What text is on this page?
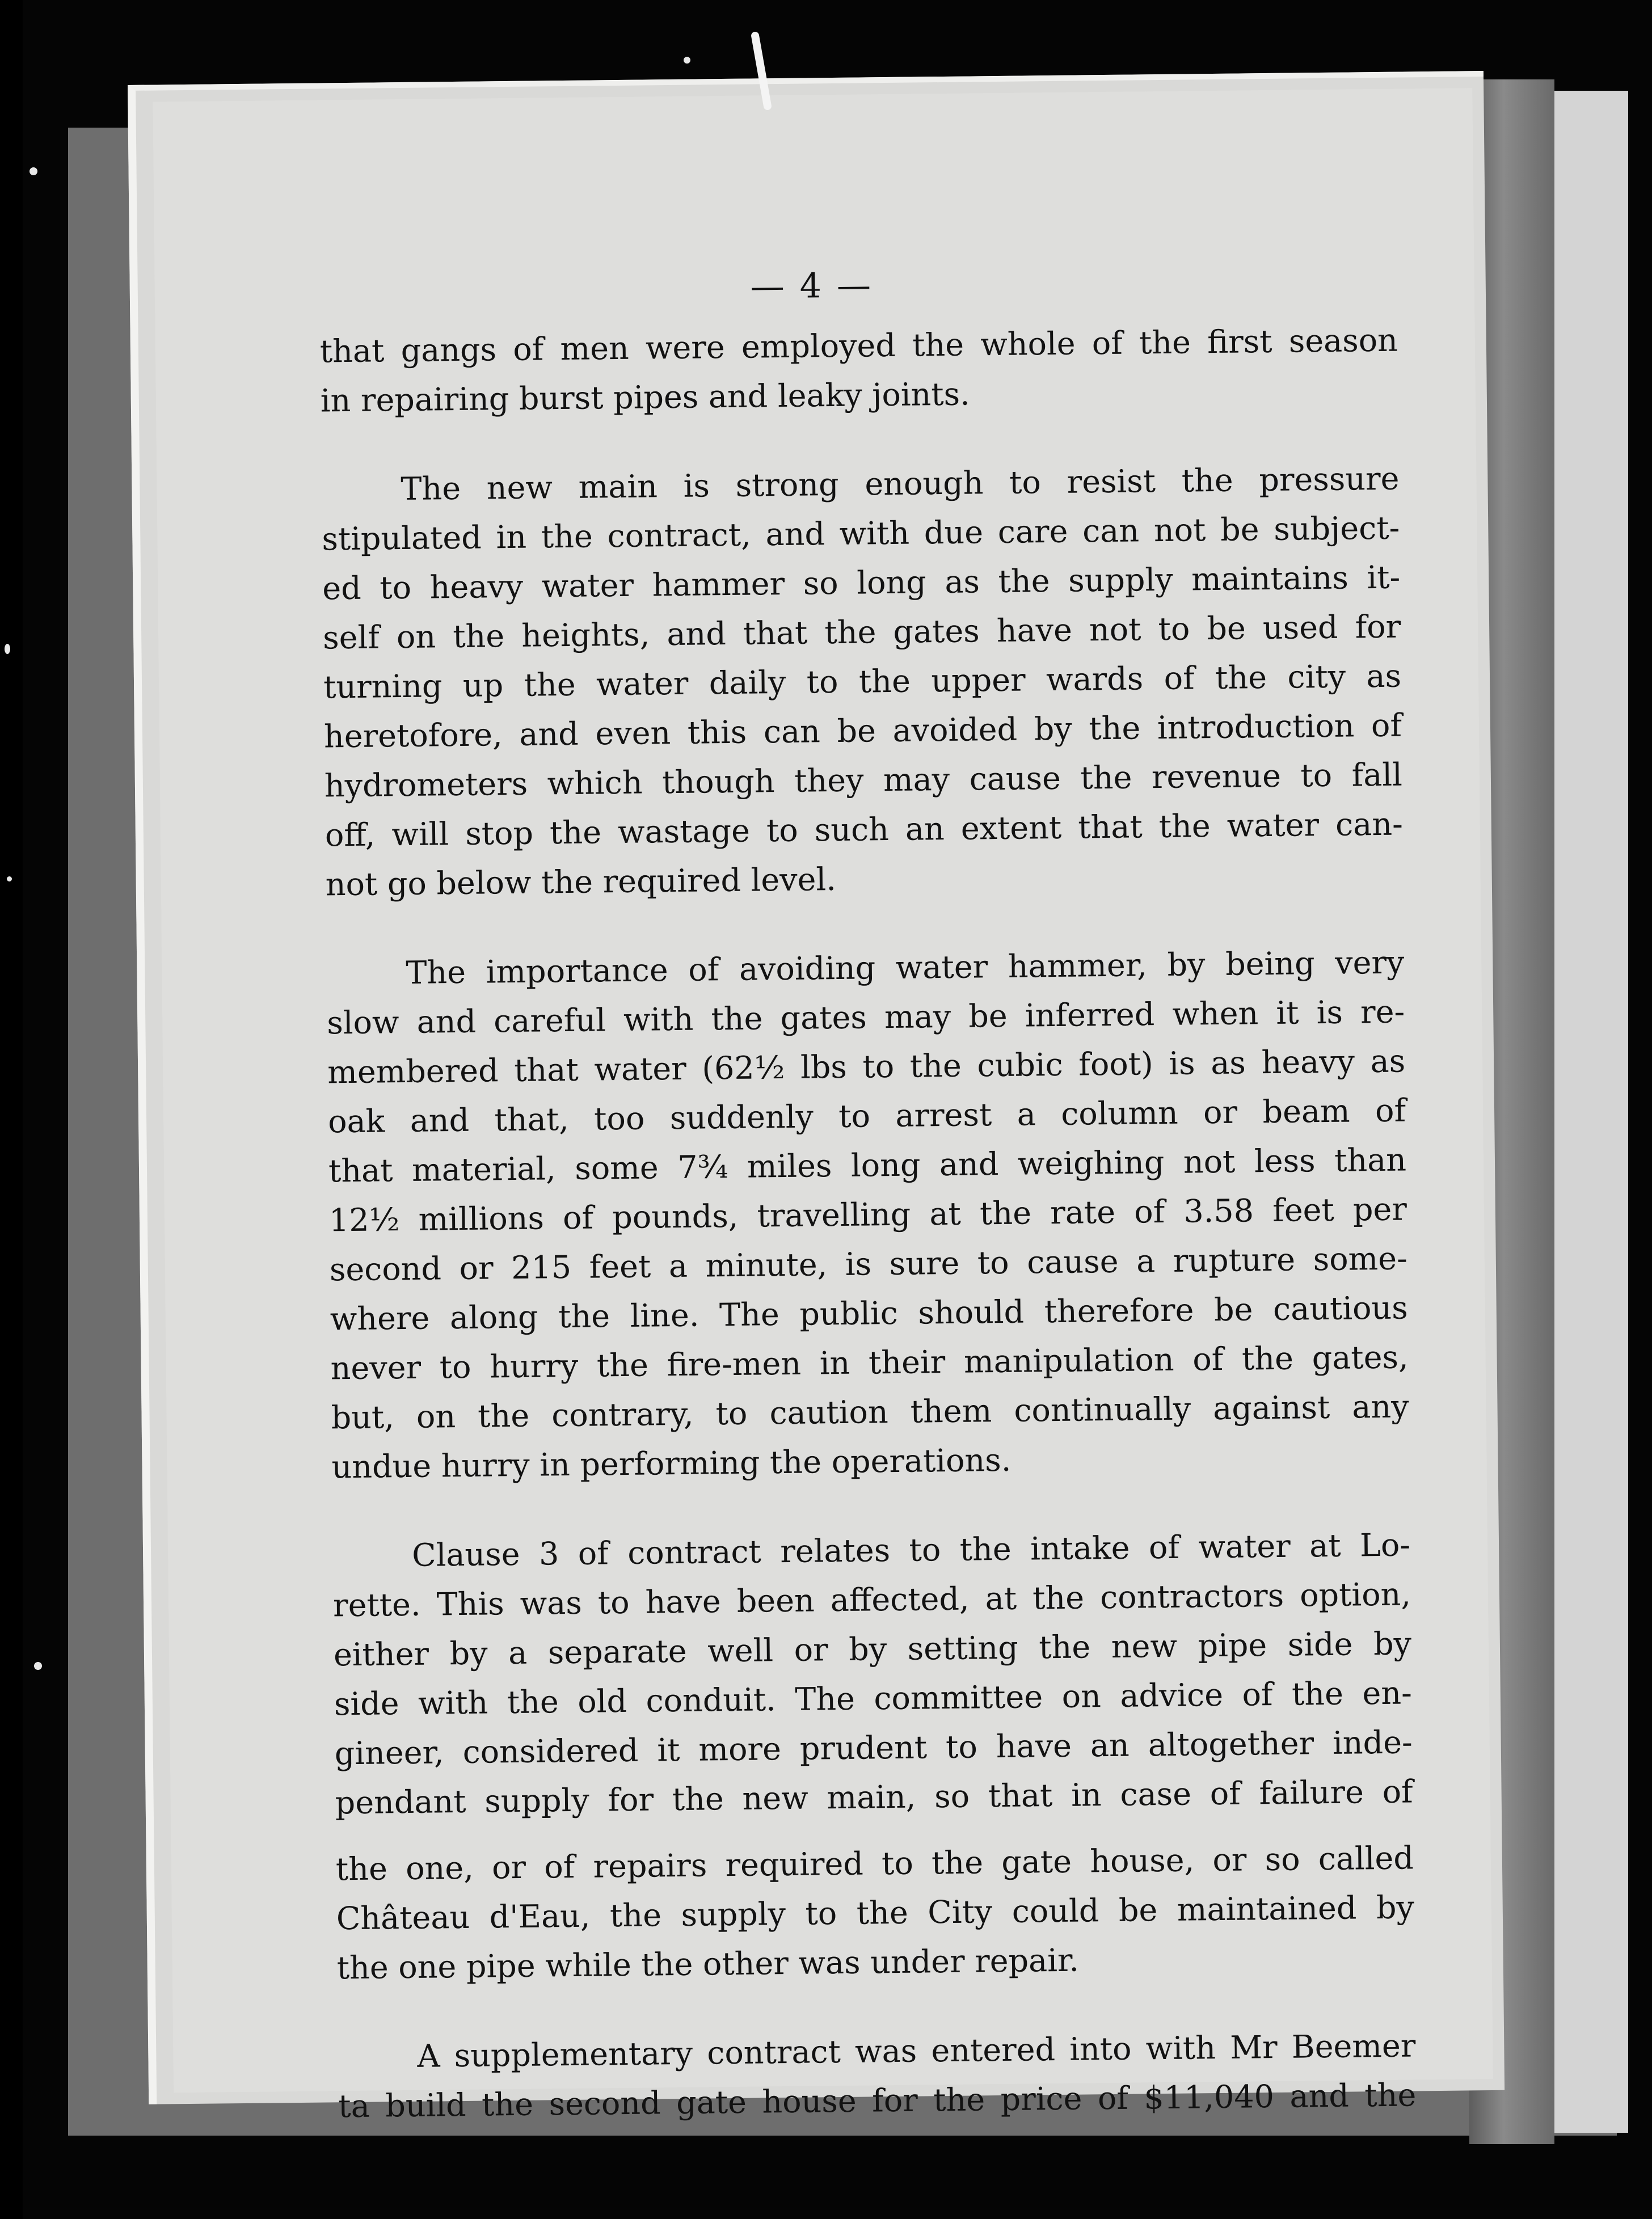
— 4 —
that gangs of men were employed the whole of the first season
in repairing burst pipes and leaky joints.
The new main is strong enough to resist the pressure
stipulated in the contract, and with due care can not be subject-
ed to heavy water hammer so long as the supply maintains it-
self on the heights, and that the gates have not to be used for
turning up the water daily to the upper wards of the city as
heretofore, and even this can be avoided by the introduction of
hydrometers which though they may cause the revenue to fall
off, will stop the wastage to such an extent that the water can-
not go below the required level.
The importance of avoiding water hammer, by being very
slow and careful with the gates may be inferred when it is re-
membered that water (62½ lbs to the cubic foot) is as heavy as
oak and that, too suddenly to arrest a column or beam of
that material, some 7¾ miles long and weighing not less than
12½ millions of pounds, travelling at the rate of 3.58 feet per
second or 215 feet a minute, is sure to cause a rupture some-
where along the line. The public should therefore be cautious
never to hurry the fire-men in their manipulation of the gates,
but, on the contrary, to caution them continually against any
undue hurry in performing the operations.
Clause 3 of contract relates to the intake of water at Lo-
rette. This was to have been affected, at the contractors option,
either by a separate well or by setting the new pipe side by
side with the old conduit. The committee on advice of the en-
gineer, considered it more prudent to have an altogether inde-
pendant supply for the new main, so that in case of failure of
the one, or of repairs required to the gate house, or so called
Château d'Eau, the supply to the City could be maintained by
the one pipe while the other was under repair.
A supplementary contract was entered into with Mr Beemer
ta build the second gate house for the price of $11,040 and the
